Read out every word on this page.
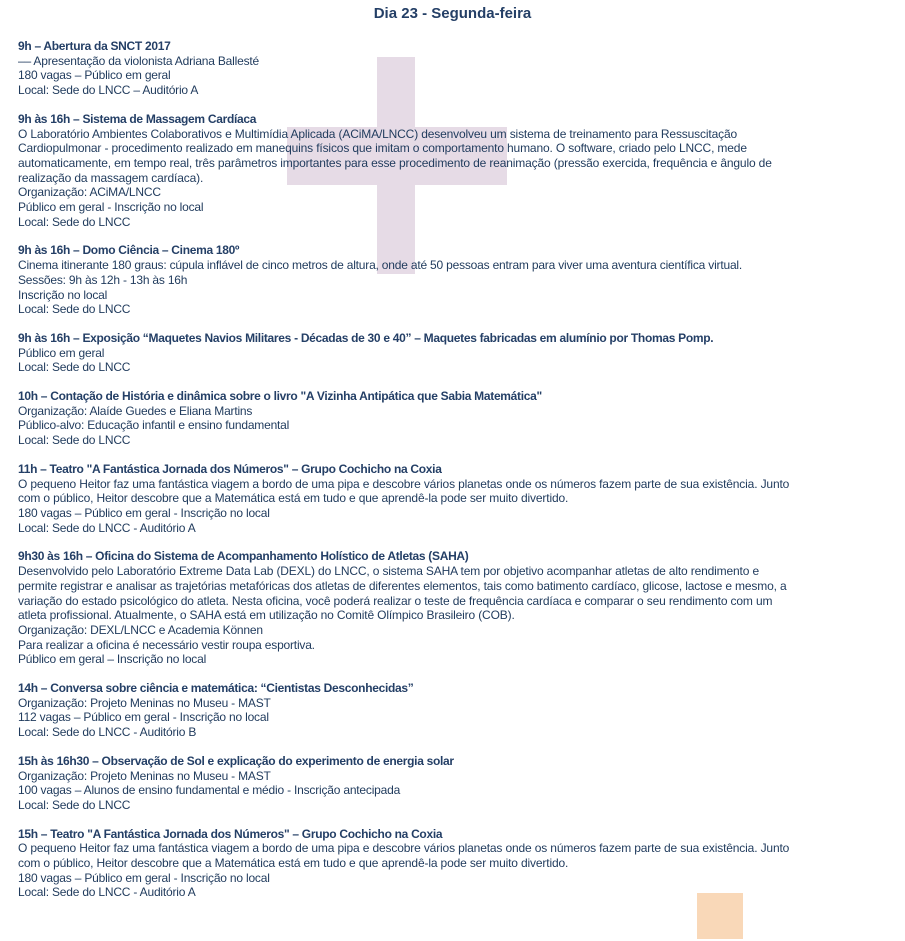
Dia 23 - Segunda-feira
9h – Abertura da SNCT 2017
–– Apresentação da violonista Adriana Ballesté
180 vagas – Público em geral
Local: Sede do LNCC – Auditório A
9h às 16h – Sistema de Massagem Cardíaca
O Laboratório Ambientes Colaborativos e Multimídia Aplicada (ACiMA/LNCC) desenvolveu um sistema de treinamento para Ressuscitação
Cardiopulmonar - procedimento realizado em manequins físicos que imitam o comportamento humano. O software, criado pelo LNCC, mede
automaticamente, em tempo real, três parâmetros importantes para esse procedimento de reanimação (pressão exercida, frequência e ângulo de
realização da massagem cardíaca).
Organização: ACiMA/LNCC
Público em geral - Inscrição no local
Local: Sede do LNCC
9h às 16h – Domo Ciência – Cinema 180º
Cinema itinerante 180 graus: cúpula inflável de cinco metros de altura, onde até 50 pessoas entram para viver uma aventura científica virtual.
Sessões: 9h às 12h - 13h às 16h
Inscrição no local
Local: Sede do LNCC
9h às 16h – Exposição “Maquetes Navios Militares - Décadas de 30 e 40” – Maquetes fabricadas em alumínio por Thomas Pomp.
Público em geral
Local: Sede do LNCC
10h – Contação de História e dinâmica sobre o livro "A Vizinha Antipática que Sabia Matemática"
Organização: Alaíde Guedes e Eliana Martins
Público-alvo: Educação infantil e ensino fundamental
Local: Sede do LNCC
11h – Teatro "A Fantástica Jornada dos Números" – Grupo Cochicho na Coxia
O pequeno Heitor faz uma fantástica viagem a bordo de uma pipa e descobre vários planetas onde os números fazem parte de sua existência. Junto
com o público, Heitor descobre que a Matemática está em tudo e que aprendê-la pode ser muito divertido.
180 vagas – Público em geral - Inscrição no local
Local: Sede do LNCC - Auditório A
9h30 às 16h – Oficina do Sistema de Acompanhamento Holístico de Atletas (SAHA)
Desenvolvido pelo Laboratório Extreme Data Lab (DEXL) do LNCC, o sistema SAHA tem por objetivo acompanhar atletas de alto rendimento e
permite registrar e analisar as trajetórias metafóricas dos atletas de diferentes elementos, tais como batimento cardíaco, glicose, lactose e mesmo, a
variação do estado psicológico do atleta. Nesta oficina, você poderá realizar o teste de frequência cardíaca e comparar o seu rendimento com um
atleta profissional. Atualmente, o SAHA está em utilização no Comitê Olímpico Brasileiro (COB).
Organização: DEXL/LNCC e Academia Können
Para realizar a oficina é necessário vestir roupa esportiva.
Público em geral – Inscrição no local
14h – Conversa sobre ciência e matemática: “Cientistas Desconhecidas”
Organização: Projeto Meninas no Museu - MAST
112 vagas – Público em geral - Inscrição no local
Local: Sede do LNCC - Auditório B
15h às 16h30 – Observação de Sol e explicação do experimento de energia solar
Organização: Projeto Meninas no Museu - MAST
100 vagas – Alunos de ensino fundamental e médio - Inscrição antecipada
Local: Sede do LNCC
15h – Teatro "A Fantástica Jornada dos Números" – Grupo Cochicho na Coxia
O pequeno Heitor faz uma fantástica viagem a bordo de uma pipa e descobre vários planetas onde os números fazem parte de sua existência. Junto
com o público, Heitor descobre que a Matemática está em tudo e que aprendê-la pode ser muito divertido.
180 vagas – Público em geral - Inscrição no local
Local: Sede do LNCC - Auditório A
